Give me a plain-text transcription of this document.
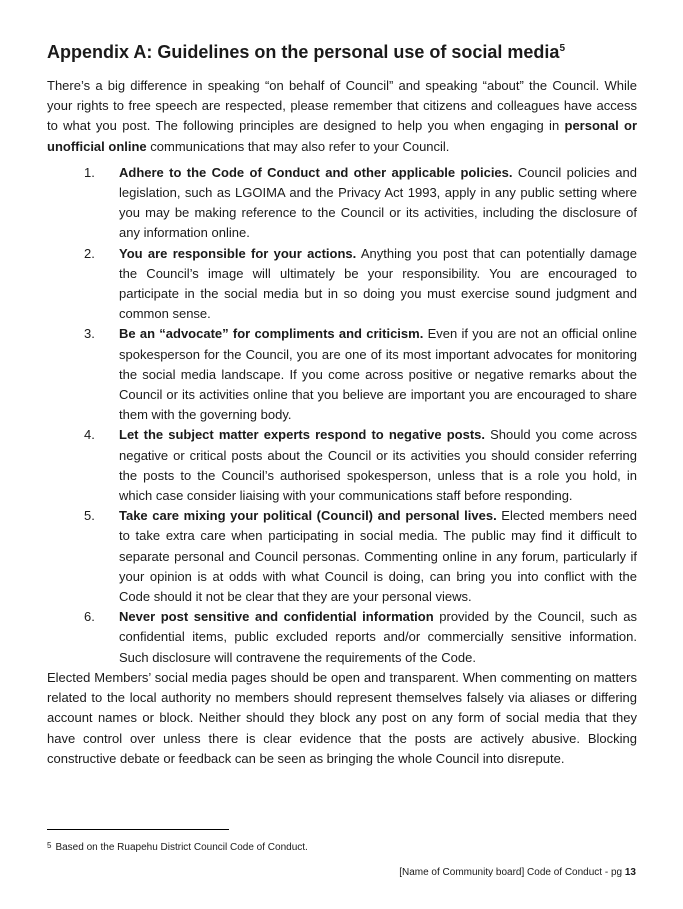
Appendix A: Guidelines on the personal use of social media$^5$

There’s a big difference in speaking “on behalf of Council” and speaking “about” the Council. While your rights to free speech are respected, please remember that citizens and colleagues have access to what you post. The following principles are designed to help you when engaging in personal or unofficial online communications that may also refer to your Council.

1. Adhere to the Code of Conduct and other applicable policies. Council policies and legislation, such as LGOIMA and the Privacy Act 1993, apply in any public setting where you may be making reference to the Council or its activities, including the disclosure of any information online.
2. You are responsible for your actions. Anything you post that can potentially damage the Council’s image will ultimately be your responsibility. You are encouraged to participate in the social media but in so doing you must exercise sound judgment and common sense.
3. Be an “advocate” for compliments and criticism. Even if you are not an official online spokesperson for the Council, you are one of its most important advocates for monitoring the social media landscape. If you come across positive or negative remarks about the Council or its activities online that you believe are important you are encouraged to share them with the governing body.
4. Let the subject matter experts respond to negative posts. Should you come across negative or critical posts about the Council or its activities you should consider referring the posts to the Council’s authorised spokesperson, unless that is a role you hold, in which case consider liaising with your communications staff before responding.
5. Take care mixing your political (Council) and personal lives. Elected members need to take extra care when participating in social media. The public may find it difficult to separate personal and Council personas. Commenting online in any forum, particularly if your opinion is at odds with what Council is doing, can bring you into conflict with the Code should it not be clear that they are your personal views.
6. Never post sensitive and confidential information provided by the Council, such as confidential items, public excluded reports and/or commercially sensitive information. Such disclosure will contravene the requirements of the Code.

Elected Members’ social media pages should be open and transparent. When commenting on matters related to the local authority no members should represent themselves falsely via aliases or differing account names or block. Neither should they block any post on any form of social media that they have control over unless there is clear evidence that the posts are actively abusive. Blocking constructive debate or feedback can be seen as bringing the whole Council into disrepute.

$^5$ Based on the Ruapehu District Council Code of Conduct.
[Name of Community board] Code of Conduct - pg 13
